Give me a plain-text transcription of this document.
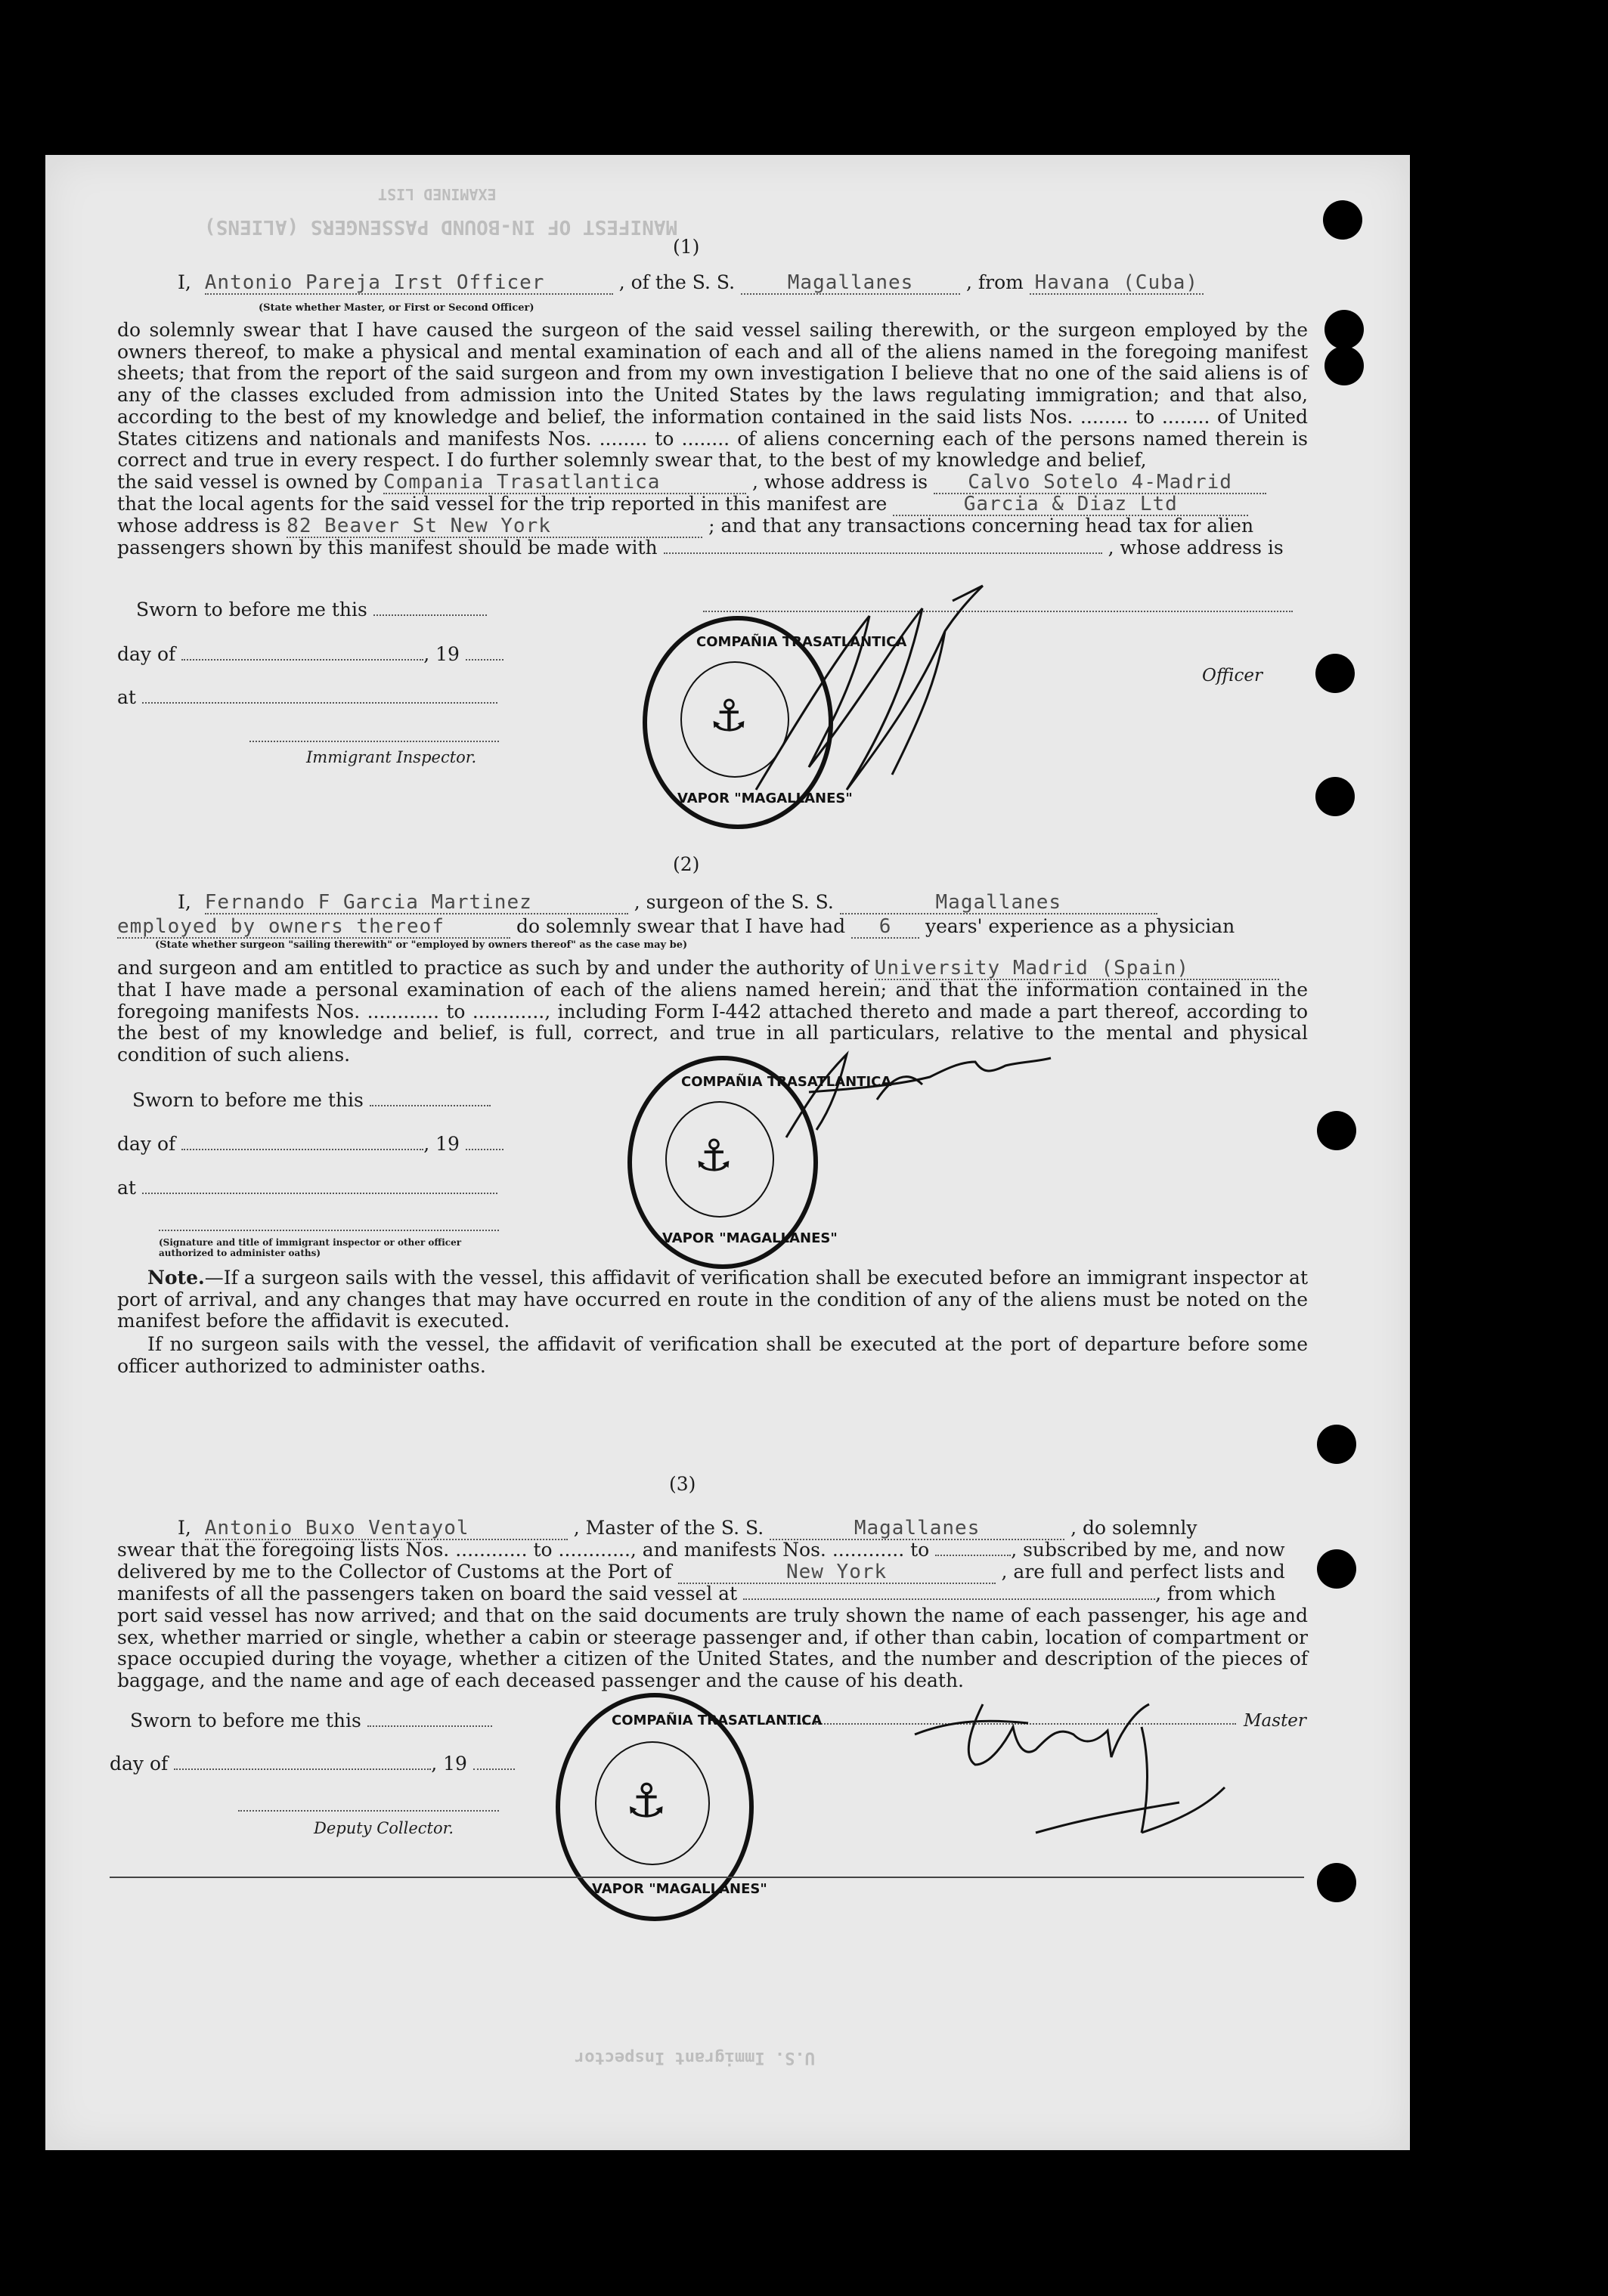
MANIFEST OF IN-BOUND PASSENGERS (ALIENS)
EXAMINED LIST
U.S. Immigrant Inspector
(1)
I, Antonio Pareja Irst Officer	, of the S. S.	Magallanes	, from Havana (Cuba)
(State whether Master, or First or Second Officer)
do solemnly swear that I have caused the surgeon of the said vessel sailing therewith, or the surgeon employed by the owners thereof, to make a physical and mental examination of each and all of the aliens named in the foregoing manifest sheets; that from the report of the said surgeon and from my own investigation I believe that no one of the said aliens is of any of the classes excluded from admission into the United States by the laws regulating immigration; and that also, according to the best of my knowledge and belief, the information contained in the said lists Nos. ........ to ........ of United States citizens and nationals and manifests Nos. ........ to ........ of aliens concerning each of the persons named therein is correct and true in every respect. I do further solemnly swear that, to the best of my knowledge and belief,
the said vessel is owned by Compania Trasatlantica	, whose address is Calvo Sotelo 4-Madrid
that the local agents for the said vessel for the trip reported in this manifest are	Garcia & Diaz Ltd
whose address is 82 Beaver St New York	; and that any transactions concerning head tax for alien
passengers shown by this manifest should be made with	, whose address is
Sworn to before me this
day of	, 19
at
Immigrant Inspector.
Officer
COMPAÑIA TRASATLANTICA
VAPOR "MAGALLANES"
⚓
(2)
I, Fernando F Garcia Martinez	, surgeon of the S. S.	Magallanes
employed by owners thereof	do solemnly swear that I have had 6 years' experience as a physician
(State whether surgeon "sailing therewith" or "employed by owners thereof" as the case may be)
and surgeon and am entitled to practice as such by and under the authority of University Madrid (Spain)
that I have made a personal examination of each of the aliens named herein; and that the information contained in the foregoing manifests Nos. ............ to ............, including Form I-442 attached thereto and made a part thereof, according to the best of my knowledge and belief, is full, correct, and true in all particulars, relative to the mental and physical condition of such aliens.
Sworn to before me this
day of	, 19
at
(Signature and title of immigrant inspector or other officer authorized to administer oaths)
COMPAÑIA TRASATLANTICA
VAPOR "MAGALLANES"
⚓
Note.—If a surgeon sails with the vessel, this affidavit of verification shall be executed before an immigrant inspector at port of arrival, and any changes that may have occurred en route in the condition of any of the aliens must be noted on the manifest before the affidavit is executed.
If no surgeon sails with the vessel, the affidavit of verification shall be executed at the port of departure before some officer authorized to administer oaths.
(3)
I, Antonio Buxo Ventayol	, Master of the S. S.	Magallanes	, do solemnly
swear that the foregoing lists Nos. ............ to ............, and manifests Nos. ............ to	, subscribed by me, and now
delivered by me to the Collector of Customs at the Port of	New York	, are full and perfect lists and
manifests of all the passengers taken on board the said vessel at	, from which
port said vessel has now arrived; and that on the said documents are truly shown the name of each passenger, his age and sex, whether married or single, whether a cabin or steerage passenger and, if other than cabin, location of compartment or space occupied during the voyage, whether a citizen of the United States, and the number and description of the pieces of baggage, and the name and age of each deceased passenger and the cause of his death.
Sworn to before me this	Master
day of	, 19
Deputy Collector.
COMPAÑIA TRASATLANTICA
VAPOR "MAGALLANES"
⚓
